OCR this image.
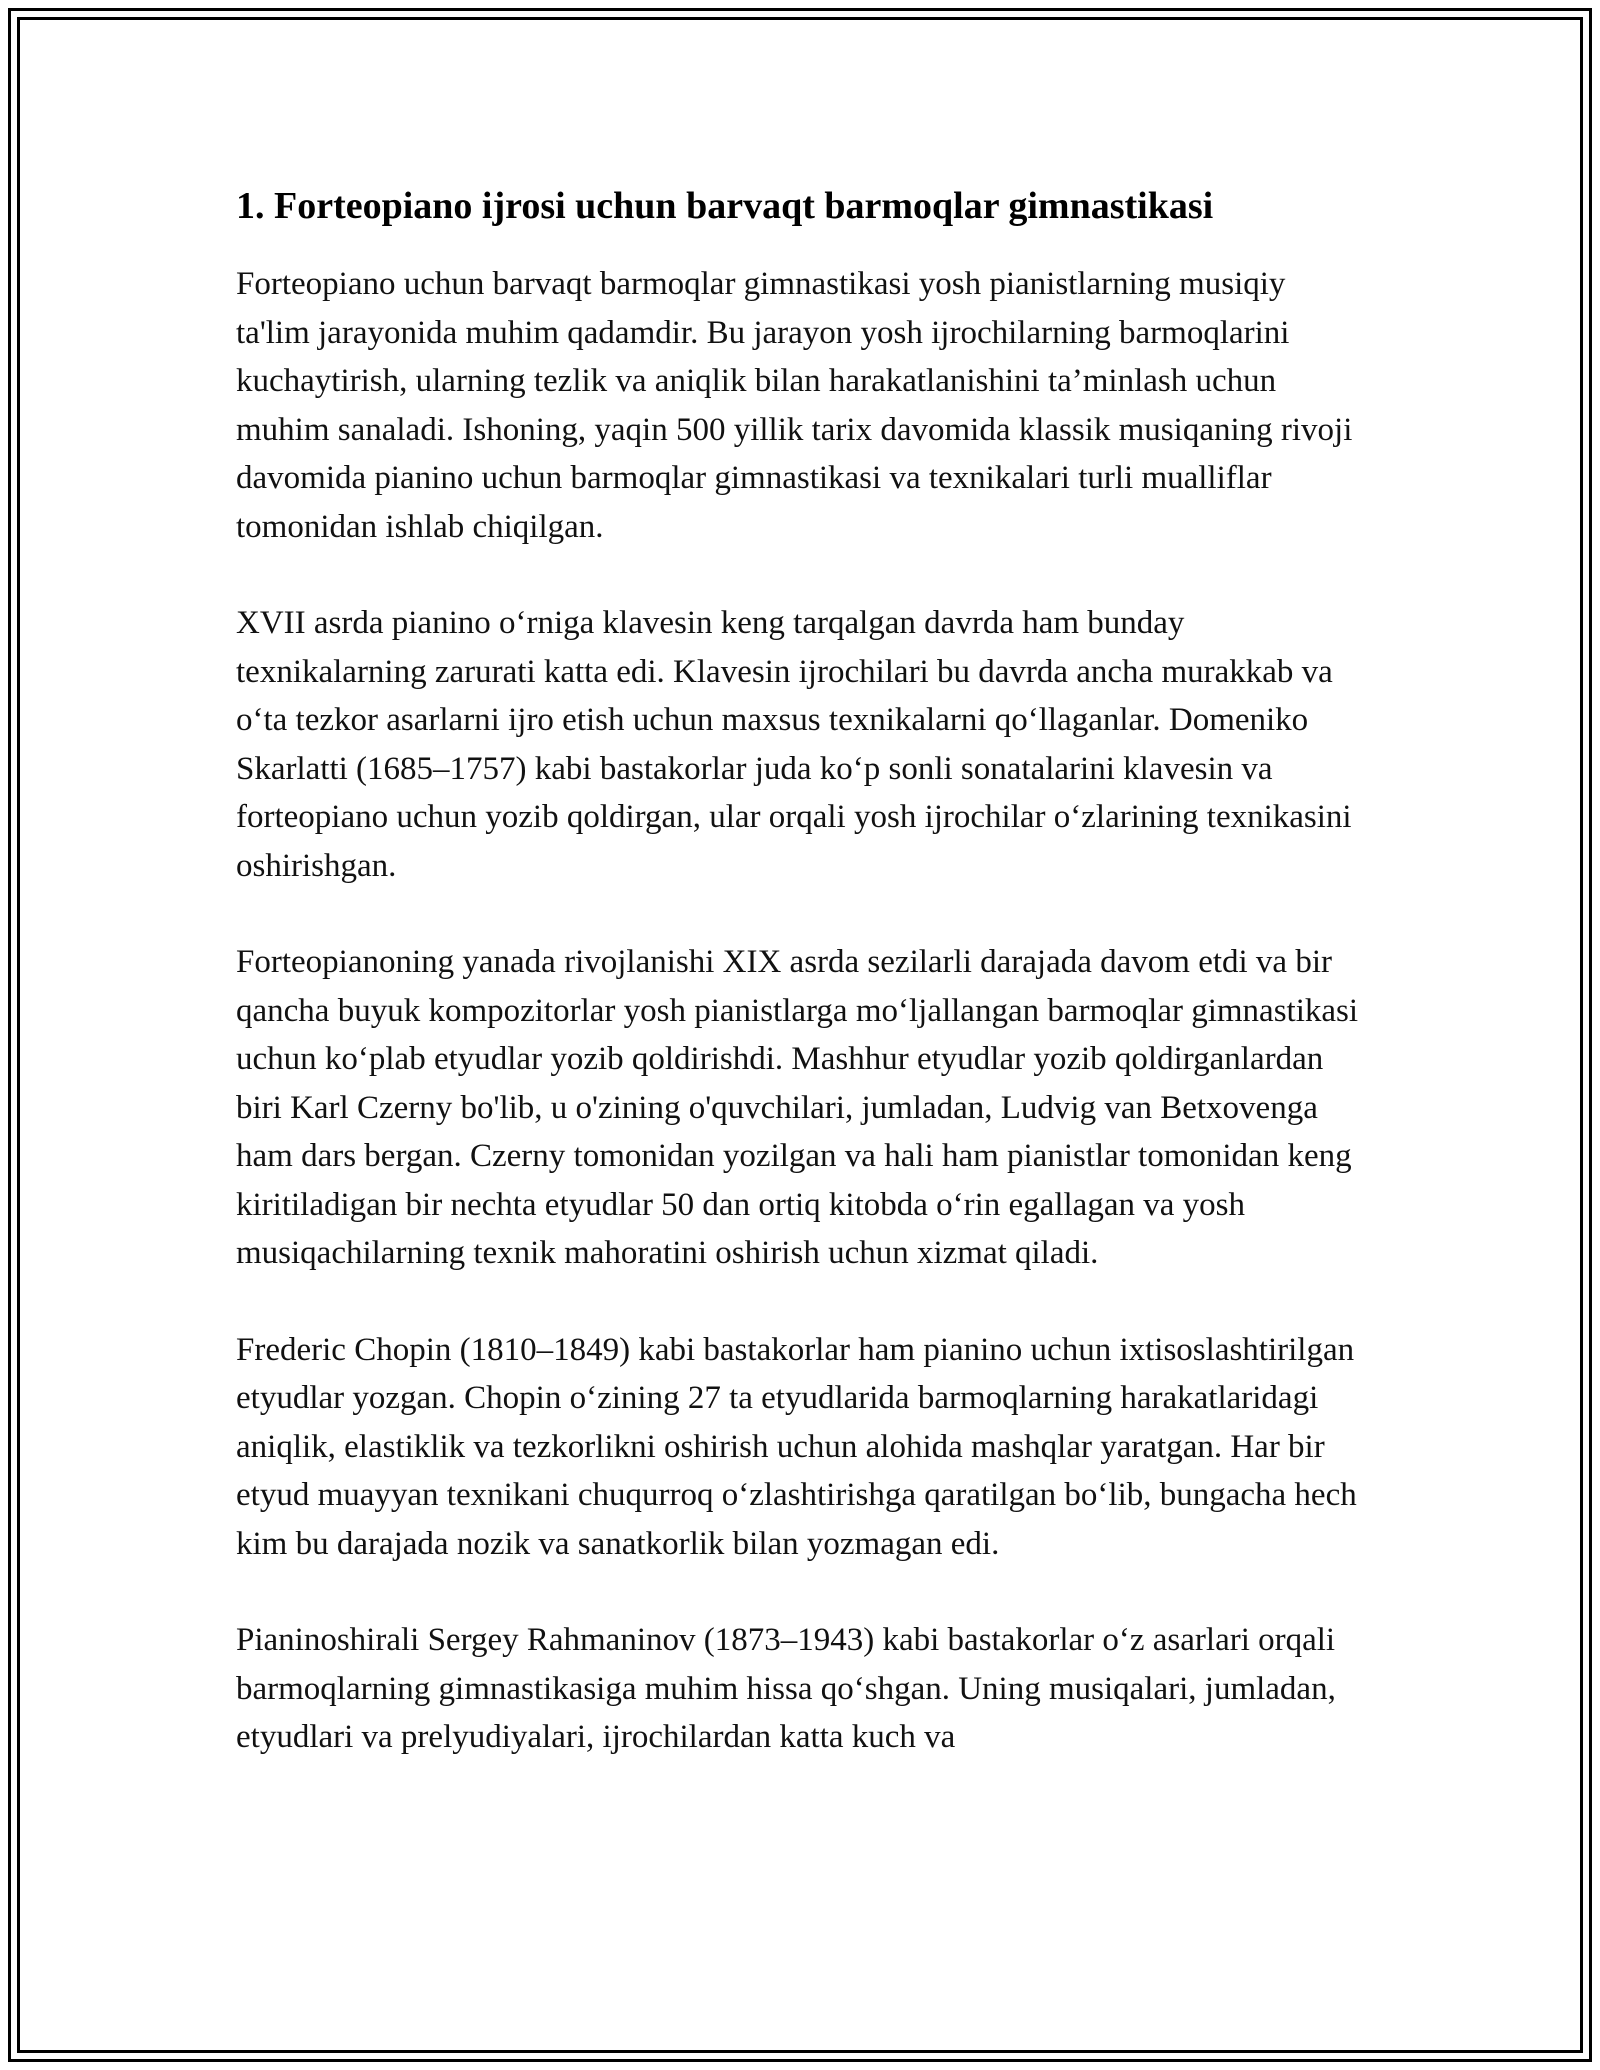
1. Forteopiano ijrosi uchun barvaqt barmoqlar gimnastikasi

Forteopiano uchun barvaqt barmoqlar gimnastikasi yosh pianistlarning musiqiy ta'lim jarayonida muhim qadamdir. Bu jarayon yosh ijrochilarning barmoqlarini kuchaytirish, ularning tezlik va aniqlik bilan harakatlanishini ta’minlash uchun muhim sanaladi. Ishoning, yaqin 500 yillik tarix davomida klassik musiqaning rivoji davomida pianino uchun barmoqlar gimnastikasi va texnikalari turli mualliflar tomonidan ishlab chiqilgan.

XVII asrda pianino o‘rniga klavesin keng tarqalgan davrda ham bunday texnikalarning zarurati katta edi. Klavesin ijrochilari bu davrda ancha murakkab va o‘ta tezkor asarlarni ijro etish uchun maxsus texnikalarni qo‘llaganlar. Domeniko Skarlatti (1685–1757) kabi bastakorlar juda ko‘p sonli sonatalarini klavesin va forteopiano uchun yozib qoldirgan, ular orqali yosh ijrochilar o‘zlarining texnikasini oshirishgan.

Forteopianoning yanada rivojlanishi XIX asrda sezilarli darajada davom etdi va bir qancha buyuk kompozitorlar yosh pianistlarga mo‘ljallangan barmoqlar gimnastikasi uchun ko‘plab etyudlar yozib qoldirishdi. Mashhur etyudlar yozib qoldirganlardan biri Karl Czerny bo'lib, u o'zining o'quvchilari, jumladan, Ludvig van Betxovenga ham dars bergan. Czerny tomonidan yozilgan va hali ham pianistlar tomonidan keng kiritiladigan bir nechta etyudlar 50 dan ortiq kitobda o‘rin egallagan va yosh musiqachilarning texnik mahoratini oshirish uchun xizmat qiladi.

Frederic Chopin (1810–1849) kabi bastakorlar ham pianino uchun ixtisoslashtirilgan etyudlar yozgan. Chopin o‘zining 27 ta etyudlarida barmoqlarning harakatlaridagi aniqlik, elastiklik va tezkorlikni oshirish uchun alohida mashqlar yaratgan. Har bir etyud muayyan texnikani chuqurroq o‘zlashtirishga qaratilgan bo‘lib, bungacha hech kim bu darajada nozik va sanatkorlik bilan yozmagan edi.

Pianinoshirali Sergey Rahmaninov (1873–1943) kabi bastakorlar o‘z asarlari orqali barmoqlarning gimnastikasiga muhim hissa qo‘shgan. Uning musiqalari, jumladan, etyudlari va prelyudiyalari, ijrochilardan katta kuch va
